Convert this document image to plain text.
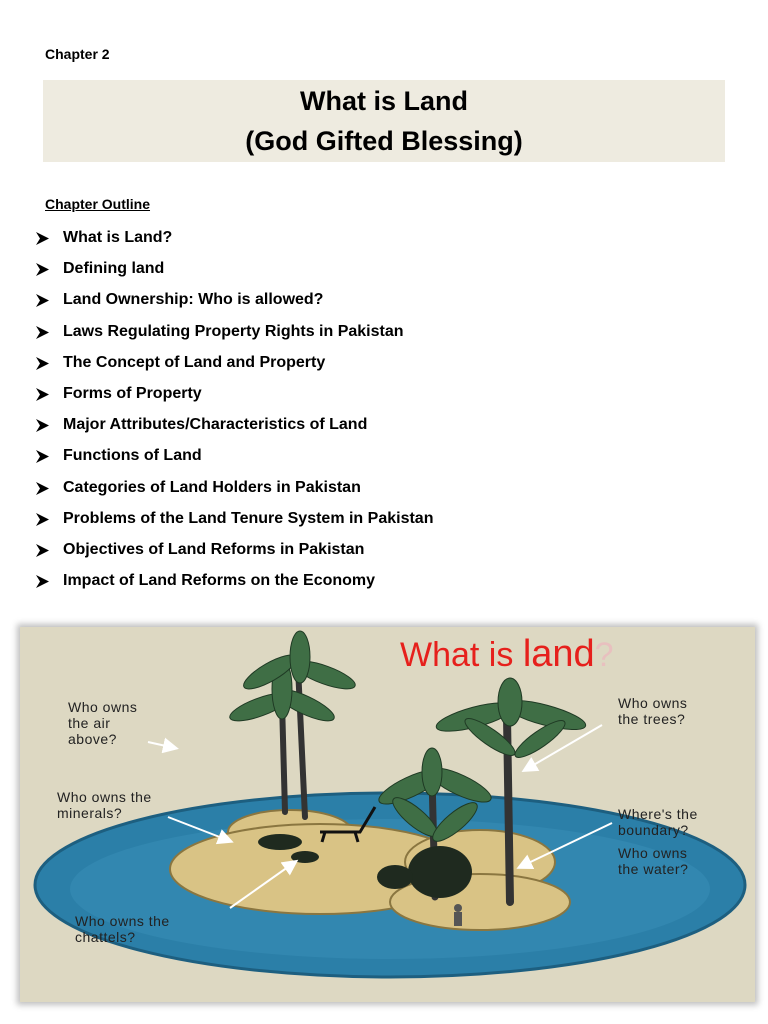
Chapter 2
What is Land
(God Gifted Blessing)
Chapter Outline
What is Land?
Defining land
Land Ownership: Who is allowed?
Laws Regulating Property Rights in Pakistan
The Concept of Land and Property
Forms of Property
Major Attributes/Characteristics of Land
Functions of Land
Categories of Land Holders in Pakistan
Problems of the Land Tenure System in Pakistan
Objectives of Land Reforms in Pakistan
Impact of Land Reforms on the Economy
What is land?
Who owns
the air
above?
Who owns the
minerals?
Who owns the
chattels?
Who owns
the trees?
Where's the
boundary?
Who owns
the water?
